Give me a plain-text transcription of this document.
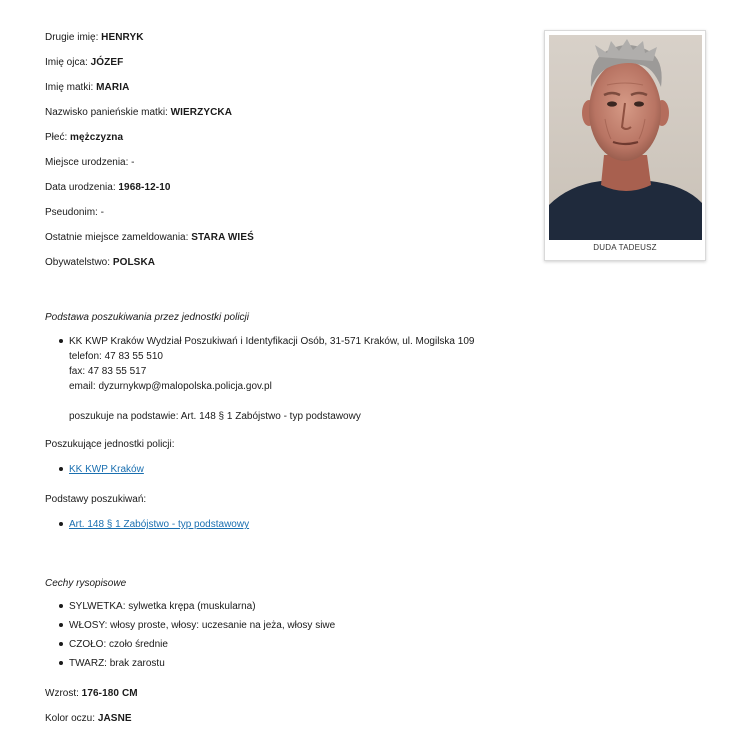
Drugie imię: HENRYK

Imię ojca: JÓZEF

Imię matki: MARIA

Nazwisko panieńskie matki: WIERZYCKA

Płeć: mężczyzna

Miejsce urodzenia: -

Data urodzenia: 1968-12-10

Pseudonim: -

Ostatnie miejsce zameldowania: STARA WIEŚ

Obywatelstwo: POLSKA

DUDA TADEUSZ

Podstawa poszukiwania przez jednostki policji

KK KWP Kraków Wydział Poszukiwań i Identyfikacji Osób, 31-571 Kraków, ul. Mogilska 109
telefon: 47 83 55 510
fax: 47 83 55 517
email: dyzurnykwp@malopolska.policja.gov.pl
poszukuje na podstawie: Art. 148 § 1 Zabójstwo - typ podstawowy

Poszukujące jednostki policji:

KK KWP Kraków

Podstawy poszukiwań:

Art. 148 § 1 Zabójstwo - typ podstawowy

Cechy rysopisowe

SYLWETKA: sylwetka krępa (muskularna)
WŁOSY: włosy proste, włosy: uczesanie na jeża, włosy siwe
CZOŁO: czoło średnie
TWARZ: brak zarostu

Wzrost: 176-180 CM

Kolor oczu: JASNE
